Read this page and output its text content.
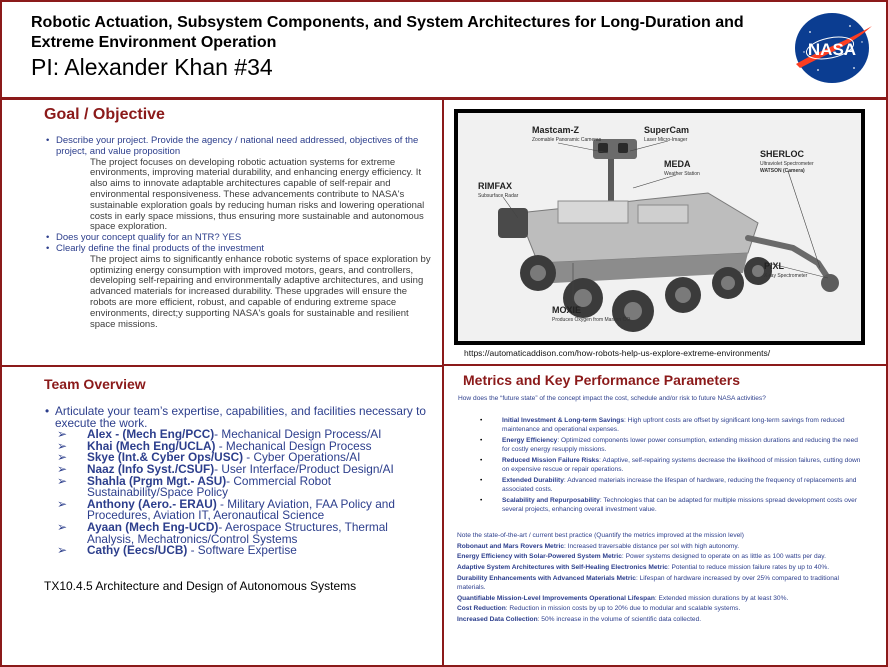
Robotic Actuation, Subsystem Components, and System Architectures for Long-Duration and Extreme Environment Operation
PI: Alexander Khan #34
NASA
Goal / Objective
• Describe your project. Provide the agency / national need addressed, objectives of the project, and value proposition
The project focuses on developing robotic actuation systems for extreme environments, improving material durability, and enhancing energy efficiency. It also aims to innovate adaptable architectures capable of self-repair and environmental responsiveness. These advancements contribute to NASA's sustainable exploration goals by reducing human risks and lowering operational costs in early space missions, thus ensuring more sustainable and autonomous space exploration.
• Does your concept qualify for an NTR? YES
• Clearly define the final products of the investment
The project aims to significantly enhance robotic systems of space exploration by optimizing energy consumption with improved motors, gears, and controllers, developing self-repairing and environmentally adaptive architectures, and using advanced materials for increased durability. These upgrades will ensure the robots are more efficient, robust, and capable of enduring extreme space environments, direct;y supporting NASA's goals for sustainable and resilient space missions.
Mastcam-Z
Zoomable Panoramic Cameras
SuperCam
Laser Micro-Imager
MEDA
Weather Station
SHERLOC
Ultraviolet Spectrometer
WATSON (Camera)
RIMFAX
Subsurface Radar
PIXL
X-ray Spectrometer
MOXIE
Produces Oxygen from Martian CO
https://automaticaddison.com/how-robots-help-us-explore-extreme-environments/
Team Overview
• Articulate your team’s expertise, capabilities, and facilities necessary to execute the work.
➢ Alex - (Mech Eng/PCC)- Mechanical Design Process/AI
➢ Khai (Mech Eng/UCLA) - Mechanical Design Process
➢ Skye (Int.& Cyber Ops/USC) - Cyber Operations/AI
➢ Naaz (Info Syst./CSUF)- User Interface/Product Design/AI
➢ Shahla (Prgm Mgt.- ASU)- Commercial Robot Sustainability/Space Policy
➢ Anthony (Aero.- ERAU) - Military Aviation, FAA Policy and Procedures, Aviation IT, Aeronautical Science
➢ Ayaan (Mech Eng-UCD)- Aerospace Structures, Thermal Analysis, Mechatronics/Control Systems
➢ Cathy (Eecs/UCB) - Software Expertise
TX10.4.5 Architecture and Design of Autonomous Systems
Metrics and Key Performance Parameters
How does the “future state” of the concept impact the cost, schedule and/or risk to future NASA activities?
• Initial Investment & Long-term Savings: High upfront costs are offset by significant long-term savings from reduced maintenance and operational expenses.
• Energy Efficiency: Optimized components lower power consumption, extending mission durations and reducing the need for costly energy resupply missions.
• Reduced Mission Failure Risks: Adaptive, self-repairing systems decrease the likelihood of mission failures, cutting down on expensive rescue or repair operations.
• Extended Durability: Advanced materials increase the lifespan of hardware, reducing the frequency of replacements and associated costs.
• Scalability and Repurposability: Technologies that can be adapted for multiple missions spread development costs over several projects, enhancing overall investment value.

Note the state-of-the-art / current best practice (Quantify the metrics improved at the mission level)

Robonaut and Mars Rovers Metric: Increased traversable distance per sol with high autonomy.

Energy Efficiency with Solar-Powered System Metric: Power systems designed to operate on as little as 100 watts per day.

Adaptive System Architectures with Self-Healing Electronics Metric: Potential to reduce mission failure rates by up to 40%.

Durability Enhancements with Advanced Materials Metric: Lifespan of hardware increased by over 25% compared to traditional materials.

Quantifiable Mission-Level Improvements Operational Lifespan: Extended mission durations by at least 30%.

Cost Reduction: Reduction in mission costs by up to 20% due to modular and scalable systems.

Increased Data Collection: 50% increase in the volume of scientific data collected.
